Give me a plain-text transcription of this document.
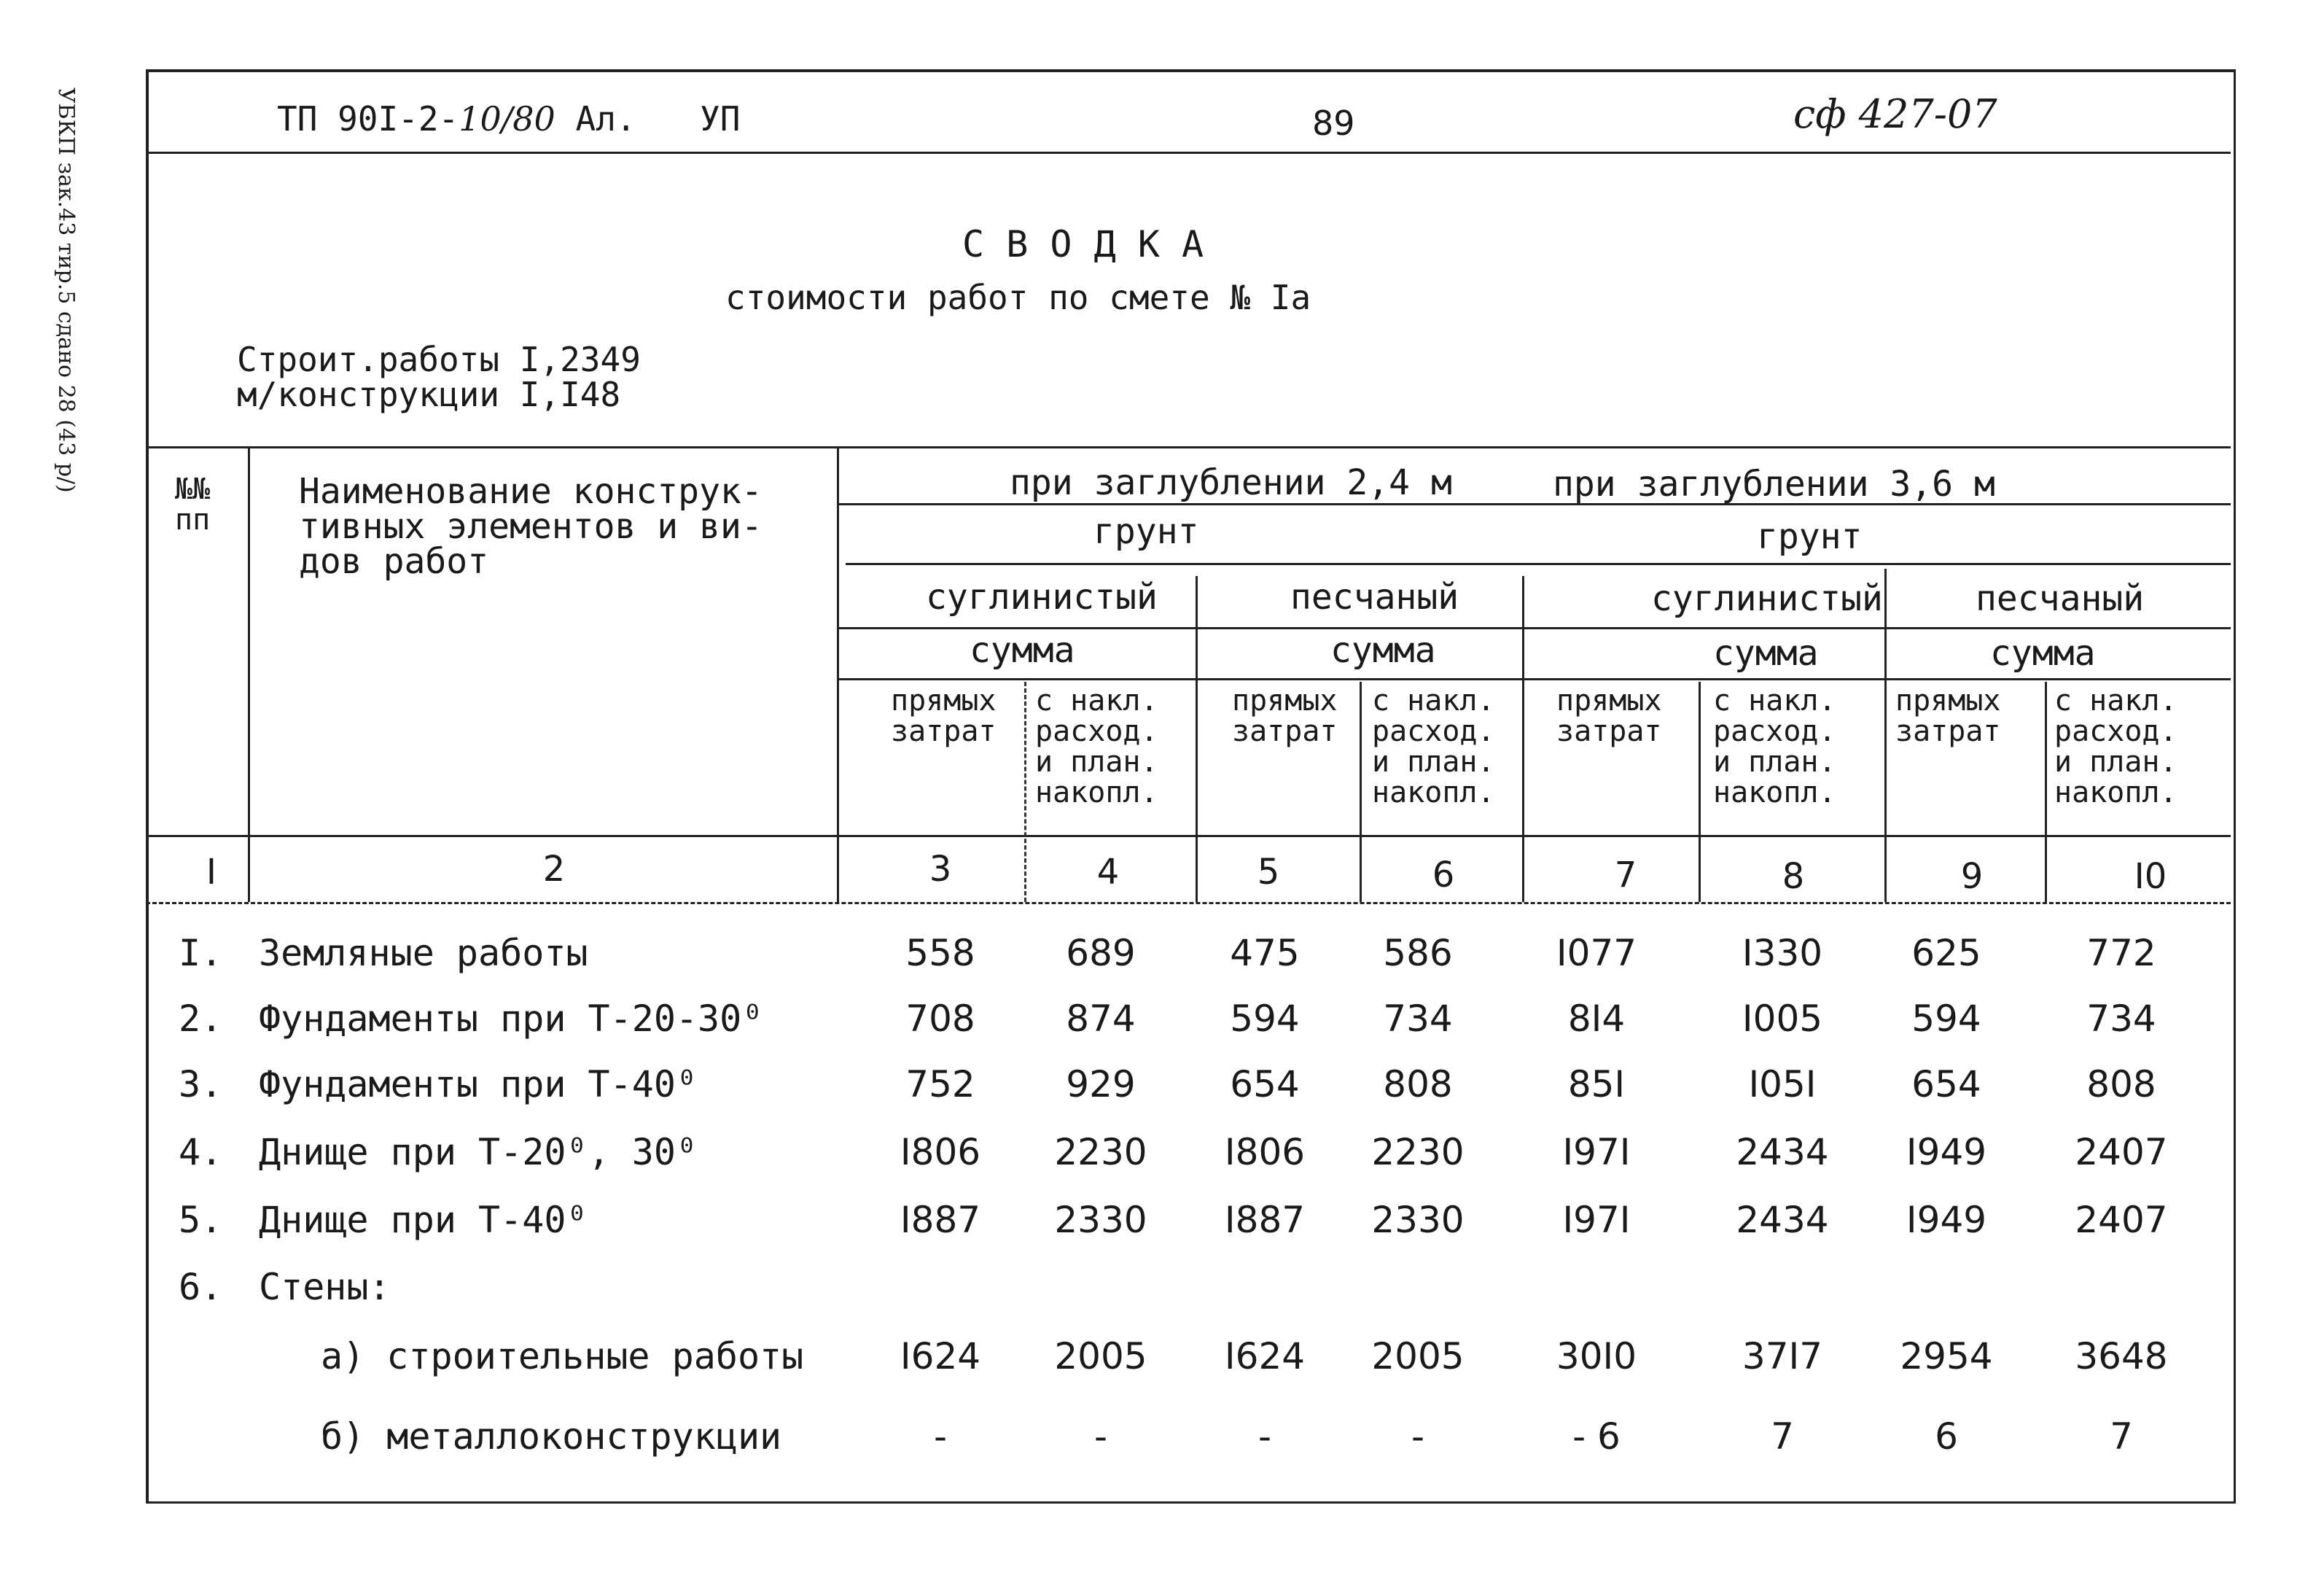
УБКП зак.43 тир.5 сдано 28 (43 р/)	ТП 90I-2-10/80 Ал. УП	89	сф 427-07
С В О Д К А
стоимости работ по смете № Iа
Строит.работы I,2349
м/конструкции I,I48
№№
пп
Наименование конструк-
тивных элементов и ви-
дов работ
при заглублении 2,4 м	при заглублении 3,6 м
грунт	грунт
суглинистый	песчаный	суглинистый	песчаный
сумма	сумма	сумма	сумма
прямых
затрат
с накл.
расход.
и план.
накопл.
прямых
затрат
с накл.
расход.
и план.
накопл.
прямых
затрат
с накл.
расход.
и план.
накопл.
прямых
затрат
с накл.
расход.
и план.
накопл.
I	2	3	4	5	6	7	8	9	I0
I. Земляные работы	558	689	475	586	I077	I330	625	772
2. Фундаменты при Т-20-30⁰	708	874	594	734	8I4	I005	594	734
3. Фундаменты при Т-40⁰	752	929	654	808	85I	I05I	654	808
4. Днище при Т-20⁰, 30⁰	I806	2230	I806	2230	I97I	2434	I949	2407
5. Днище при Т-40⁰	I887	2330	I887	2330	I97I	2434	I949	2407
6. Стены:
а) строительные работы	I624	2005	I624	2005	30I0	37I7	2954	3648
б) металлоконструкции	-	-	-	-	- 6	7	6	7
